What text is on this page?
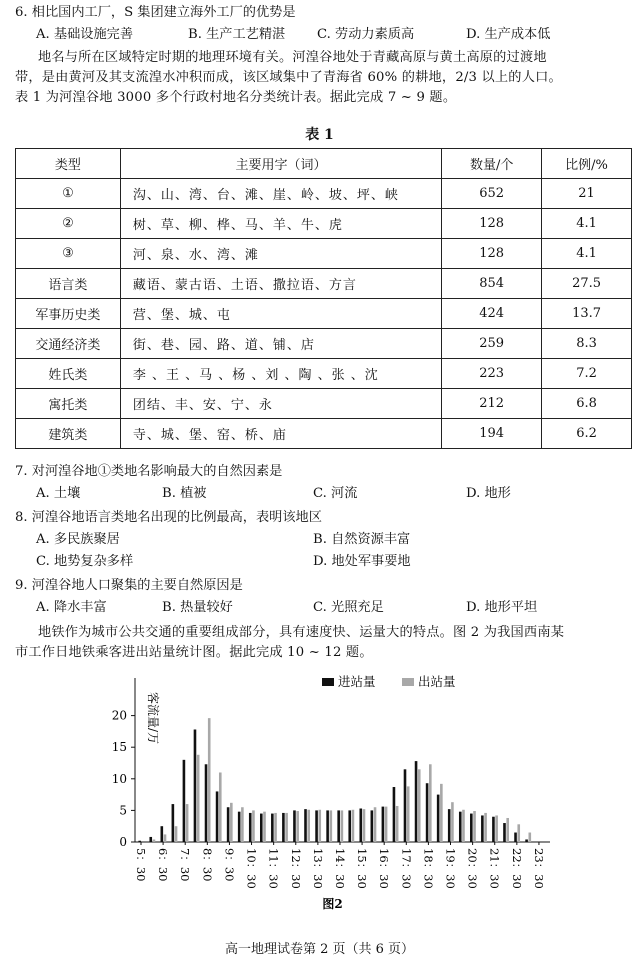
6. 相比国内工厂，S 集团建立海外工厂的优势是
A. 基础设施完善	B. 生产工艺精湛 C. 劳动力素质高	D. 生产成本低
地名与所在区域特定时期的地理环境有关。河湟谷地处于青藏高原与黄土高原的过渡地
带，是由黄河及其支流湟水冲积而成，该区域集中了青海省 60% 的耕地，2/3 以上的人口。
表 1 为河湟谷地 3000 多个行政村地名分类统计表。据此完成 7 ~ 9 题。
表 1
类型	主要用字（词）	数量/个	比例/%
①	沟、山、湾、台、滩、崖、岭、坡、坪、峡	652	21
②	树、草、柳、桦、马、羊、牛、虎	128	4.1
③	河、泉、水、湾、滩	128	4.1
语言类	藏语、蒙古语、土语、撒拉语、方言	854	27.5
军事历史类	营、堡、城、屯	424	13.7
交通经济类	街、巷、园、路、道、铺、店	259	8.3
姓氏类	李 、王 、马 、杨 、刘 、陶 、张 、沈	223	7.2
寓托类	团结、丰、安、宁、永	212	6.8
建筑类	寺、城、堡、窑、桥、庙	194	6.2
7. 对河湟谷地①类地名影响最大的自然因素是
A. 土壤	B. 植被	C. 河流	D. 地形
8. 河湟谷地语言类地名出现的比例最高，表明该地区
A. 多民族聚居	B. 自然资源丰富
C. 地势复杂多样	D. 地处军事要地
9. 河湟谷地人口聚集的主要自然原因是
A. 降水丰富	B. 热量较好	C. 光照充足	D. 地形平坦
地铁作为城市公共交通的重要组成部分，具有速度快、运量大的特点。图 2 为我国西南某
市工作日地铁乘客进出站量统计图。据此完成 10 ~ 12 题。
0
5
10
15
20 客流量/万
5：30 6：30 7：30 8：30 9：30 10：30 11：30 12：30 13：30 14：30 15：30 16：30 17：30 18：30 19：30 20：30 21：30 22：30 23：30
进站量	出站量
图2
高一地理试卷第 2 页（共 6 页）
